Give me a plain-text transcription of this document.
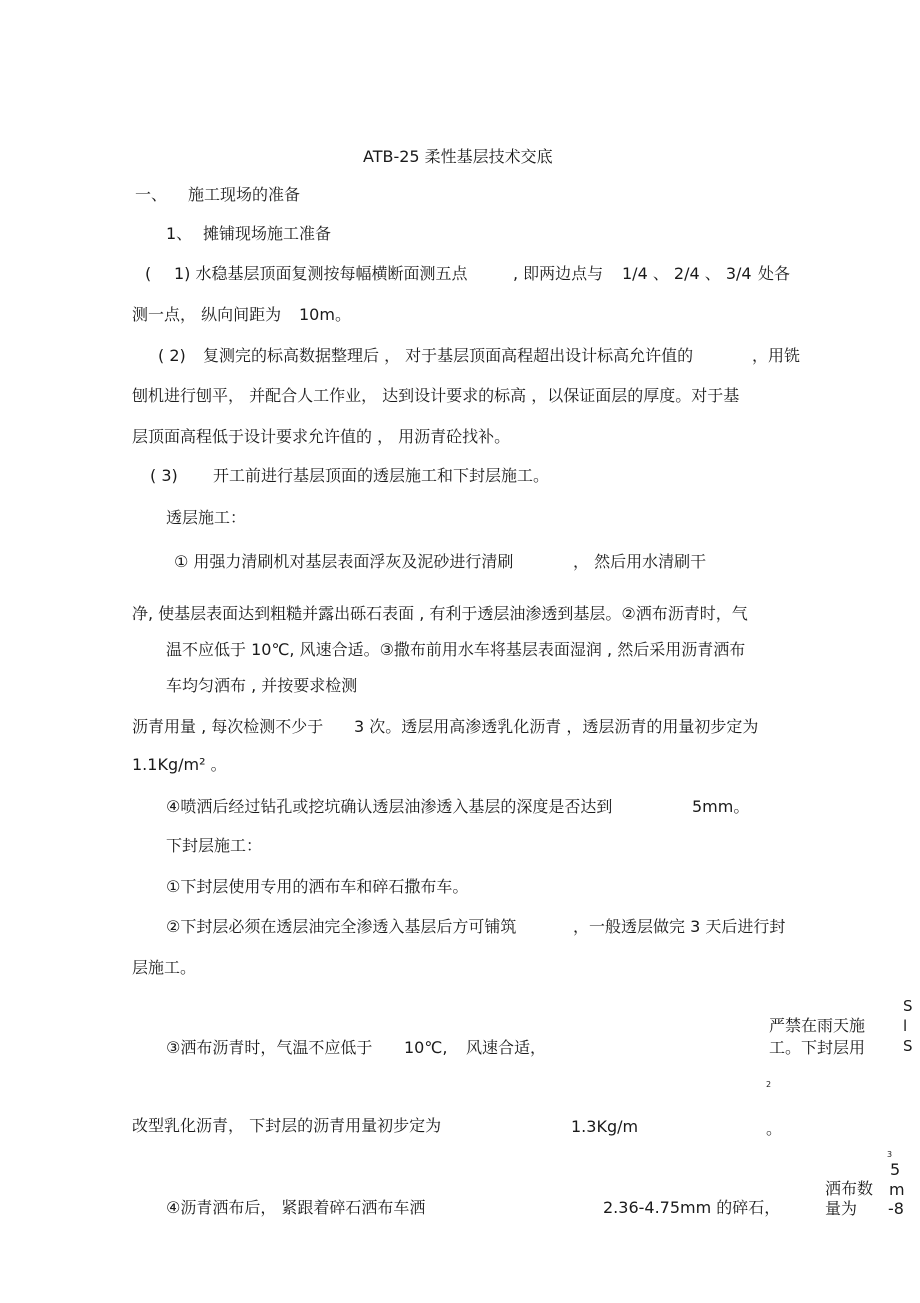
ATB-25 柔性基层技术交底
一、 施工现场的准备
1、 摊铺现场施工准备
( 1) 水稳基层顶面复测按每幅横断面测五点	, 即两边点与 1/4 、 2/4 、 3/4 处各
测一点， 纵向间距为 10m。
( 2) 复测完的标高数据整理后 ， 对于基层顶面高程超出设计标高允许值的	，用铣
刨机进行刨平， 并配合人工作业， 达到设计要求的标高 ，以保证面层的厚度。对于基
层顶面高程低于设计要求允许值的 ， 用沥青砼找补。
( 3) 开工前进行基层顶面的透层施工和下封层施工。
透层施工：
① 用强力清刷机对基层表面浮灰及泥砂进行清刷	， 然后用水清刷干
净, 使基层表面达到粗糙并露出砾石表面 , 有利于透层油渗透到基层。②洒布沥青时，气
温不应低于 10℃, 风速合适。③撒布前用水车将基层表面湿润 , 然后采用沥青洒布
车均匀洒布 , 并按要求检测
沥青用量 , 每次检测不少于 3 次。透层用高渗透乳化沥青 ，透层沥青的用量初步定为
1.1Kg/m² 。
④喷洒后经过钻孔或挖坑确认透层油渗透入基层的深度是否达到	5mm。
下封层施工：
①下封层使用专用的洒布车和碎石撒布车。
②下封层必须在透层油完全渗透入基层后方可铺筑	，一般透层做完 3 天后进行封
层施工。
③洒布沥青时，气温不应低于 10℃, 风速合适，
严禁在雨天施
工。下封层用
2
改型乳化沥青， 下封层的沥青用量初步定为	1.3Kg/m	。
3
④沥青洒布后， 紧跟着碎石洒布车洒	2.36-4.75mm 的碎石，
洒布数
量为
S
l
S
5
m
-8
